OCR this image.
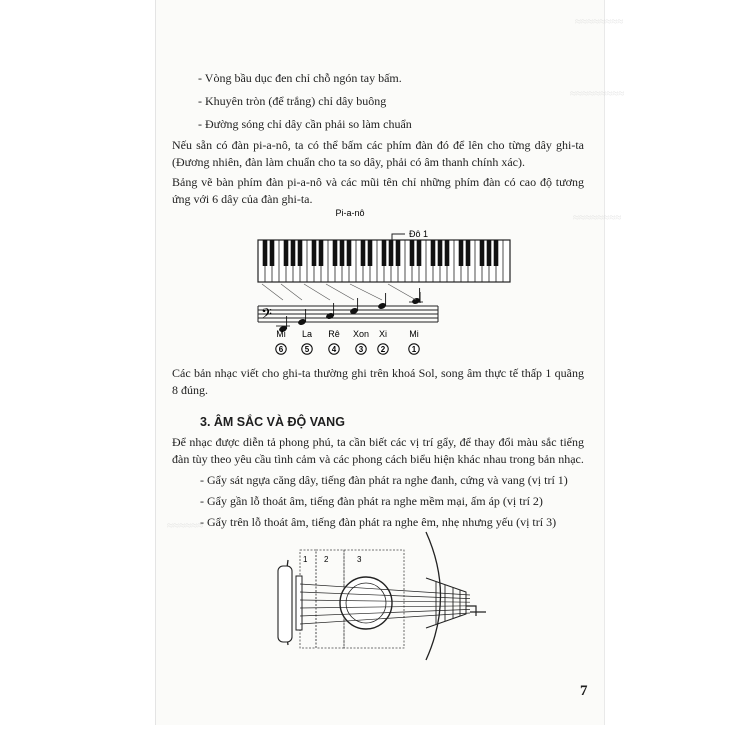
≈≈≈≈≈≈≈≈
≈≈≈≈≈≈≈≈≈
≈≈≈≈≈≈≈≈
≈≈≈≈≈≈
- Vòng bầu dục đen chỉ chỗ ngón tay bấm.
- Khuyên tròn (để trắng) chỉ dây buông
- Đường sóng chỉ dây cần phải so làm chuẩn
Nếu sẵn có đàn pi-a-nô, ta có thể bấm các phím đàn đó để lên cho từng dây ghi-ta (Đương nhiên, đàn làm chuẩn cho ta so dây, phải có âm thanh chính xác).
Bảng vẽ bàn phím đàn pi-a-nô và các mũi tên chỉ những phím đàn có cao độ tương ứng với 6 dây của đàn ghi-ta.
Pi-a-nô
Đô 1
𝄢
Mi La Rê Xon Xi Mi
6	5	4	3 2	1
Các bản nhạc viết cho ghi-ta thường ghi trên khoá Sol, song âm thực tế thấp 1 quãng 8 đúng.
3. ÂM SẮC VÀ ĐỘ VANG
Để nhạc được diễn tả phong phú, ta cần biết các vị trí gẩy, để thay đổi màu sắc tiếng đàn tùy theo yêu cầu tình cảm và các phong cách biểu hiện khác nhau trong bản nhạc.
- Gẩy sát ngựa căng dây, tiếng đàn phát ra nghe đanh, cứng và vang (vị trí 1)
- Gẩy gần lỗ thoát âm, tiếng đàn phát ra nghe mềm mại, ấm áp (vị trí 2)
- Gẩy trên lỗ thoát âm, tiếng đàn phát ra nghe êm, nhẹ nhưng yếu (vị trí 3)
1 2	3
7
